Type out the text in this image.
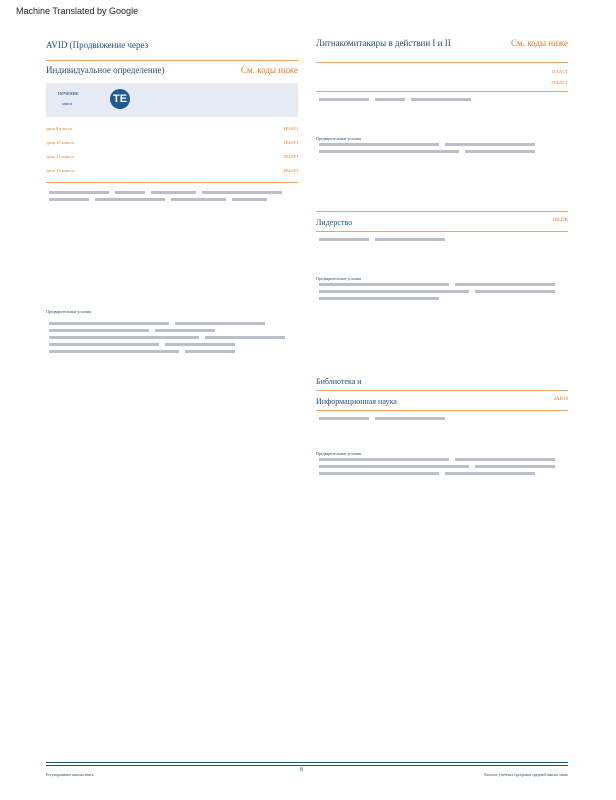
Machine Translated by Google
AVID (Продвижение через
Индивидуальное определение)	См. коды ниже
печение
книги	ТЕ
урок 9 класса	1E4AVI
урок 10 класса	2E4AVI
урок 11 класса	3E4AVI
урок 12 класса	4E4AVI
Предварительные условия
Литнакомитакиры в действии I и II	См. коды ниже
1TAACT
2TAACT
Предварительные условия
Лидерство	1BLDR
Предварительные условия
Библиотека и
Информационная наука	4AB10
Предварительные условия
Регулирование школы знать	Каталог учебных программ средней школы знать
8
